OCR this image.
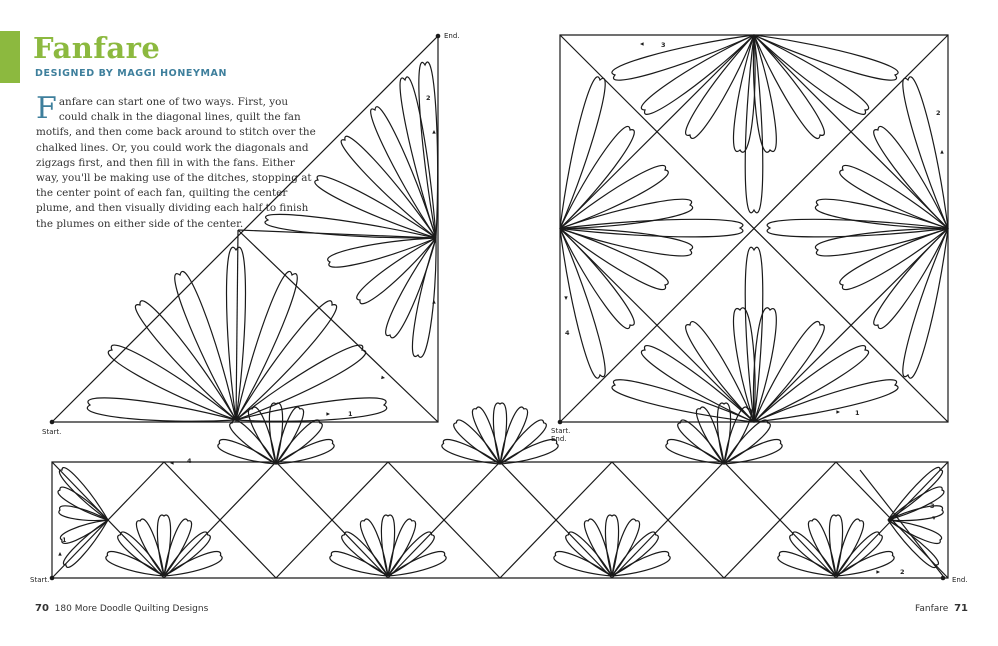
Fanfare
DESIGNED BY MAGGI HONEYMAN
Fanfare can start one of two ways. First, you could chalk in the diagonal lines, quilt the fan motifs, and then come back around to stitch over the chalked lines. Or, you could work the diagonals and zigzags first, and then fill in with the fans. Either way, you'll be making use of the ditches, stopping at the center point of each fan, quilting the center plume, and then visually dividing each half to finish the plumes on either side of the center.
Start.
End.
1
2
Start.
End.
1
2
3
4
Start.	End.
1
2
3
4
70 180 More Doodle Quilting Designs	Fanfare 71
